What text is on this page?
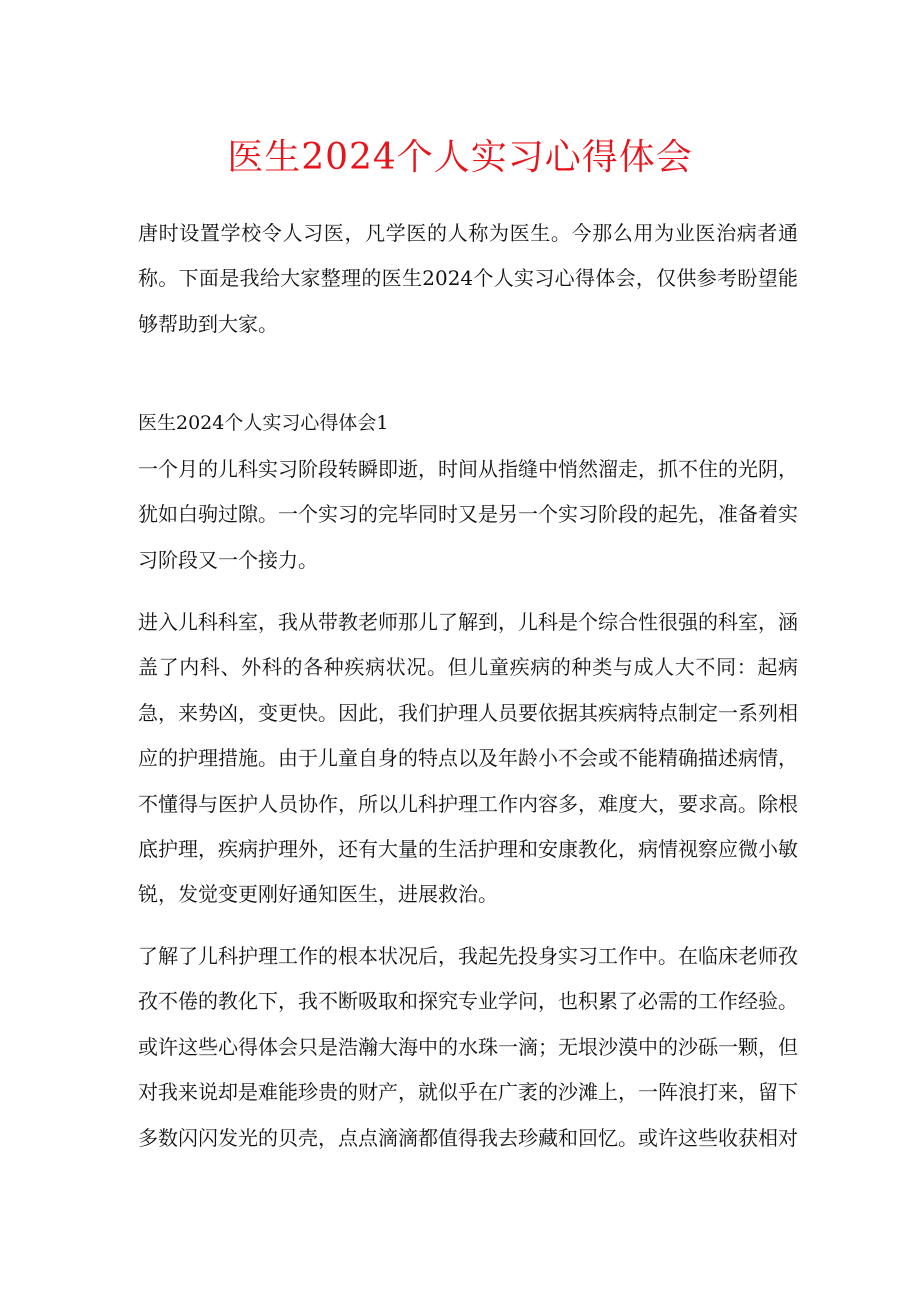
医生2024个人实习心得体会

唐时设置学校令人习医，凡学医的人称为医生。今那么用为业医治病者通称。下面是我给大家整理的医生2024个人实习心得体会，仅供参考盼望能够帮助到大家。

医生2024个人实习心得体会1

一个月的儿科实习阶段转瞬即逝，时间从指缝中悄然溜走，抓不住的光阴，犹如白驹过隙。一个实习的完毕同时又是另一个实习阶段的起先，准备着实习阶段又一个接力。

进入儿科科室，我从带教老师那儿了解到，儿科是个综合性很强的科室，涵盖了内科、外科的各种疾病状况。但儿童疾病的种类与成人大不同：起病急，来势凶，变更快。因此，我们护理人员要依据其疾病特点制定一系列相应的护理措施。由于儿童自身的特点以及年龄小不会或不能精确描述病情，不懂得与医护人员协作，所以儿科护理工作内容多，难度大，要求高。除根底护理，疾病护理外，还有大量的生活护理和安康教化，病情视察应微小敏锐，发觉变更刚好通知医生，进展救治。

了解了儿科护理工作的根本状况后，我起先投身实习工作中。在临床老师孜孜不倦的教化下，我不断吸取和探究专业学问，也积累了必需的工作经验。或许这些心得体会只是浩瀚大海中的水珠一滴；无垠沙漠中的沙砾一颗，但对我来说却是难能珍贵的财产，就似乎在广袤的沙滩上，一阵浪打来，留下多数闪闪发光的贝壳，点点滴滴都值得我去珍藏和回忆。或许这些收获相对
